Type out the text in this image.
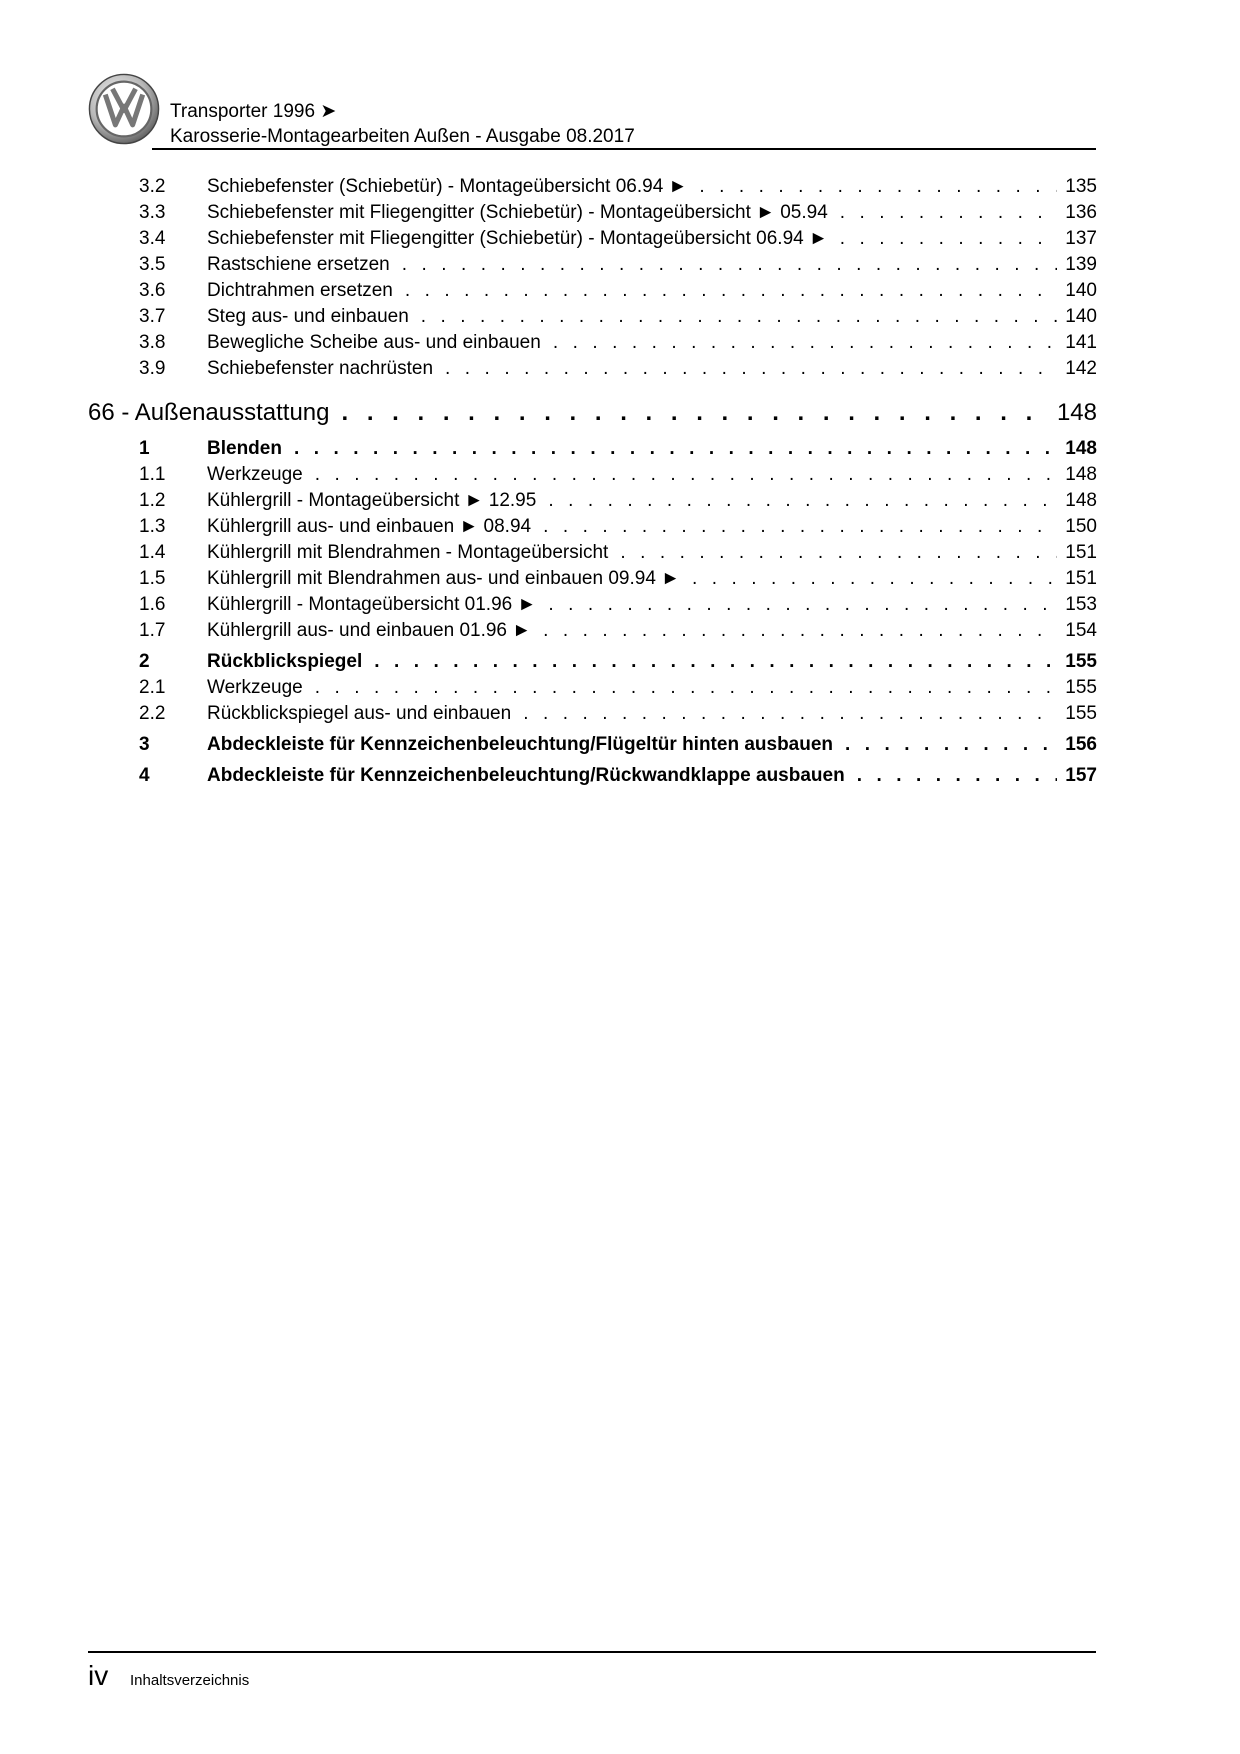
Transporter 1996 ➤
Karosserie-Montagearbeiten Außen - Ausgabe 08.2017
3.2 Schiebefenster (Schiebetür) - Montageübersicht 06.94 ► . . .	135
3.3 Schiebefenster mit Fliegengitter (Schiebetür) - Montageübersicht ► 05.94 . . .	136
3.4 Schiebefenster mit Fliegengitter (Schiebetür) - Montageübersicht 06.94 ► . . .	137
3.5 Rastschiene ersetzen . . .	139
3.6 Dichtrahmen ersetzen . . .	140
3.7 Steg aus- und einbauen . . .	140
3.8 Bewegliche Scheibe aus- und einbauen . . .	141
3.9 Schiebefenster nachrüsten . . .	142
66 - Außenausstattung . . .	148
1	Blenden . . .	148
1.1 Werkzeuge . . .	148
1.2 Kühlergrill - Montageübersicht ► 12.95 . . .	148
1.3 Kühlergrill aus- und einbauen ► 08.94 . . .	150
1.4 Kühlergrill mit Blendrahmen - Montageübersicht . . .	151
1.5 Kühlergrill mit Blendrahmen aus- und einbauen 09.94 ► . . .	151
1.6 Kühlergrill - Montageübersicht 01.96 ► . . .	153
1.7 Kühlergrill aus- und einbauen 01.96 ► . . .	154
2	Rückblickspiegel . . .	155
2.1 Werkzeuge . . .	155
2.2 Rückblickspiegel aus- und einbauen . . .	155
3	Abdeckleiste für Kennzeichenbeleuchtung/Flügeltür hinten ausbauen . . .	156
4	Abdeckleiste für Kennzeichenbeleuchtung/Rückwandklappe ausbauen . . .	157
iv Inhaltsverzeichnis
